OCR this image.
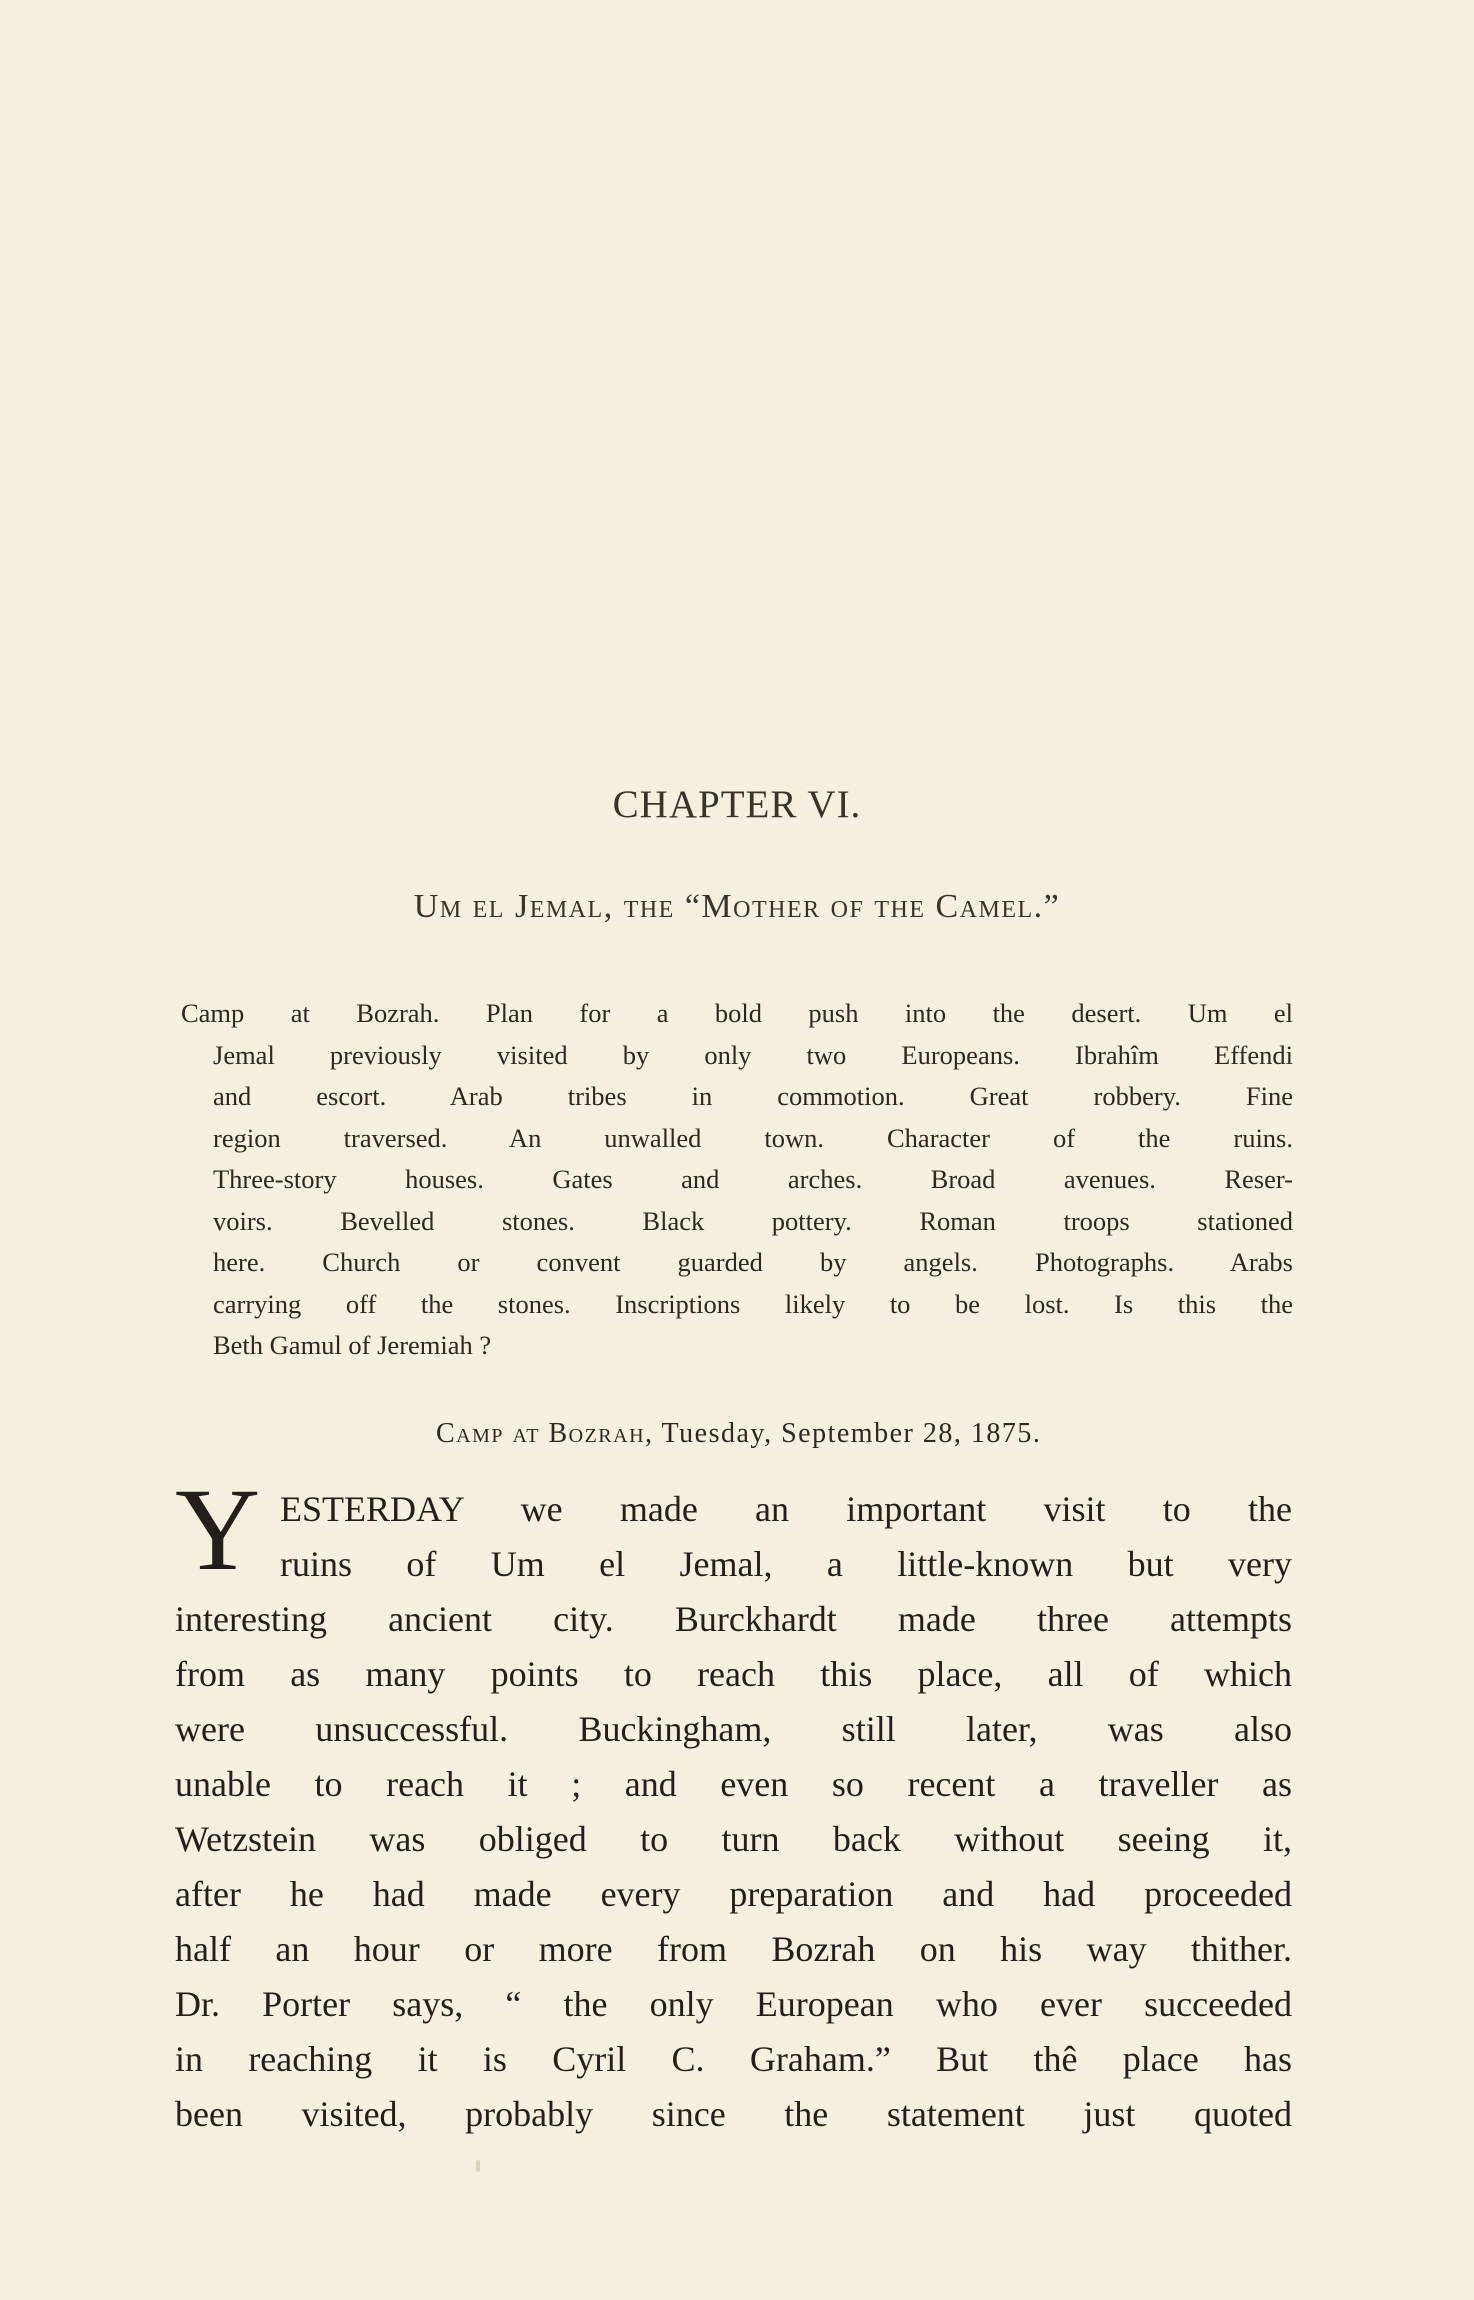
CHAPTER VI.
Um el Jemal, the “Mother of the Camel.”
Camp at Bozrah. Plan for a bold push into the desert. Um el
Jemal previously visited by only two Europeans. Ibrahîm Effendi
and escort. Arab tribes in commotion. Great robbery. Fine
region traversed. An unwalled town. Character of the ruins.
Three-story houses. Gates and arches. Broad avenues. Reser-
voirs. Bevelled stones. Black pottery. Roman troops stationed
here. Church or convent guarded by angels. Photographs. Arabs
carrying off the stones. Inscriptions likely to be lost. Is this the
Beth Gamul of Jeremiah ?
Camp at Bozrah, Tuesday, September 28, 1875.
Y ESTERDAY we made an important visit to the
ruins of Um el Jemal, a little-known but very
interesting ancient city. Burckhardt made three attempts
from as many points to reach this place, all of which
were unsuccessful. Buckingham, still later, was also
unable to reach it ; and even so recent a traveller as
Wetzstein was obliged to turn back without seeing it,
after he had made every preparation and had proceeded
half an hour or more from Bozrah on his way thither.
Dr. Porter says, “ the only European who ever succeeded
in reaching it is Cyril C. Graham.” But thê place has
been visited, probably since the statement just quoted
